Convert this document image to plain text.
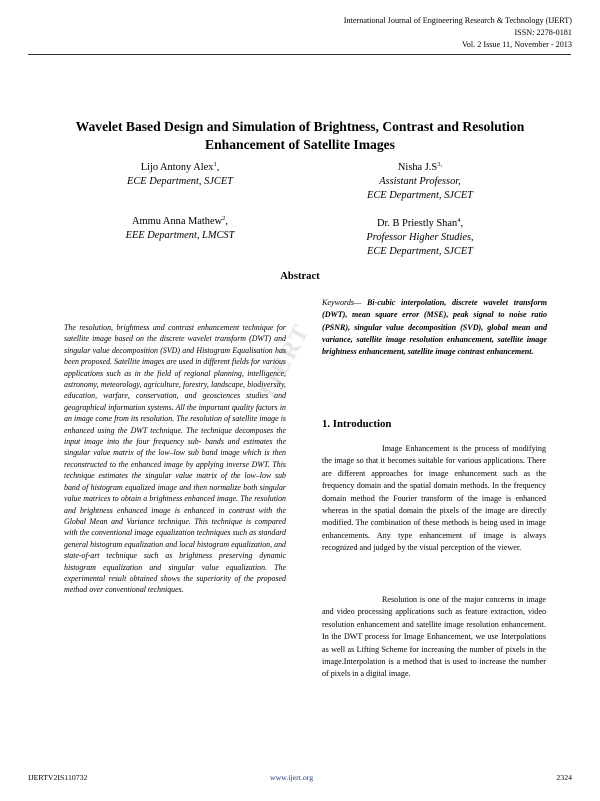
International Journal of Engineering Research & Technology (IJERT)
ISSN: 2278-0181
Vol. 2 Issue 11, November - 2013
IJERT
Wavelet Based Design and Simulation of Brightness, Contrast and Resolution
Enhancement of Satellite Images
Lijo Antony Alex$^1$,
ECE Department, SJCET
Nisha $J.S^{3,}$
Assistant Professor,
ECE Department, SJCET
Ammu Anna Mathew$^2$,
EEE Department, LMCST
Dr. B Priestly Shan$^4$,
Professor Higher Studies,
ECE Department, SJCET
Abstract

The resolution, brightness and contrast enhancement technique for satellite image based on the discrete wavelet transform (DWT) and singular value decomposition (SVD) and Histogram Equalisation has been proposed. Satellite images are used in different fields for various applications such as in the field of regional planning, intelligence, astronomy, meteorology, agriculture, forestry, landscape, biodiversity, education, warfare, conservation, and geosciences studies and geographical information systems. All the important quality factors in an image come from its resolution. The resolution of satellite image is enhanced using the DWT technique. The technique decomposes the input image into the four frequency sub- bands and estimates the singular value matrix of the low–low sub band image which is then reconstructed to the enhanced image by applying inverse DWT. This technique estimates the singular value matrix of the low–low sub band of histogram equalized image and then normalize both singular value matrices to obtain a brightness enhanced image. The resolution and brightness enhanced image is enhanced in contrast with the Global Mean and Variance technique. This technique is compared with the conventional image equalization techniques such as standard general histogram equalization and local histogram equalization, and state-of-art technique such as brightness preserving dynamic histogram equalization and singular value equalization. The experimental result obtained shows the superiority of the proposed method over conventional techniques.

Keywords— Bi-cubic interpolation, discrete wavelet transform (DWT), mean square error (MSE), peak signal to noise ratio (PSNR), singular value decomposition (SVD), global mean and variance, satellite image resolution enhancement, satellite image brightness enhancement, satellite image contrast enhancement.

1. Introduction

Image Enhancement is the process of modifying the image so that it becomes suitable for various applications. There are different approaches for image enhancement such as the frequency domain and the spatial domain methods. In the frequency domain method the Fourier transform of the image is enhanced whereas in the spatial domain the pixels of the image are directly modified. The combination of these methods is being used in image enhancements. Any type enhancement of image is always recognized and judged by the visual perception of the viewer.

Resolution is one of the major concerns in image and video processing applications such as feature extraction, video resolution enhancement and satellite image resolution enhancement. In the DWT process for Image Enhancement, we use Interpolations as well as Lifting Scheme for increasing the number of pixels in the image.Interpolation is a method that is used to increase the number of pixels in a digital image.

IJERTV2IS110732	www.ijert.org	2324
